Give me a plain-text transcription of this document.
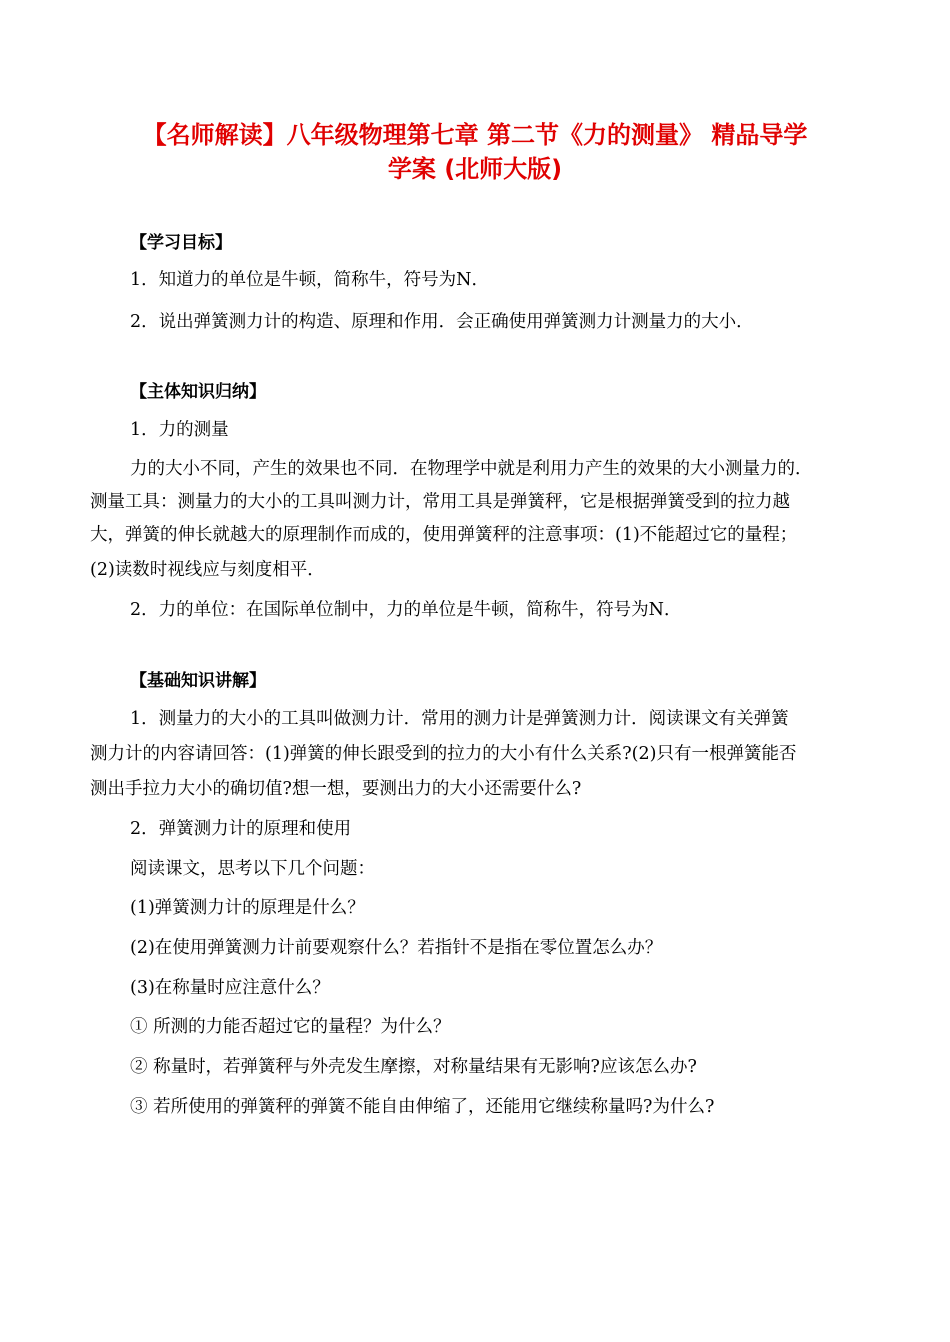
【名师解读】八年级物理第七章 第二节《力的测量》 精品导学
学案 (北师大版)
【学习目标】
1．知道力的单位是牛顿，简称牛，符号为N．
2．说出弹簧测力计的构造、原理和作用．会正确使用弹簧测力计测量力的大小．
【主体知识归纳】
1．力的测量
力的大小不同，产生的效果也不同．在物理学中就是利用力产生的效果的大小测量力的．
测量工具：测量力的大小的工具叫测力计，常用工具是弹簧秤，它是根据弹簧受到的拉力越
大，弹簧的伸长就越大的原理制作而成的，使用弹簧秤的注意事项：(1)不能超过它的量程；
(2)读数时视线应与刻度相平．
2．力的单位：在国际单位制中，力的单位是牛顿，简称牛，符号为N．
【基础知识讲解】
1．测量力的大小的工具叫做测力计．常用的测力计是弹簧测力计．阅读课文有关弹簧
测力计的内容请回答：(1)弹簧的伸长跟受到的拉力的大小有什么关系?(2)只有一根弹簧能否
测出手拉力大小的确切值?想一想，要测出力的大小还需要什么?
2．弹簧测力计的原理和使用
阅读课文，思考以下几个问题：
(1)弹簧测力计的原理是什么？
(2)在使用弹簧测力计前要观察什么？若指针不是指在零位置怎么办？
(3)在称量时应注意什么？
① 所测的力能否超过它的量程？为什么？
② 称量时，若弹簧秤与外壳发生摩擦，对称量结果有无影响?应该怎么办?
③ 若所使用的弹簧秤的弹簧不能自由伸缩了，还能用它继续称量吗?为什么?
